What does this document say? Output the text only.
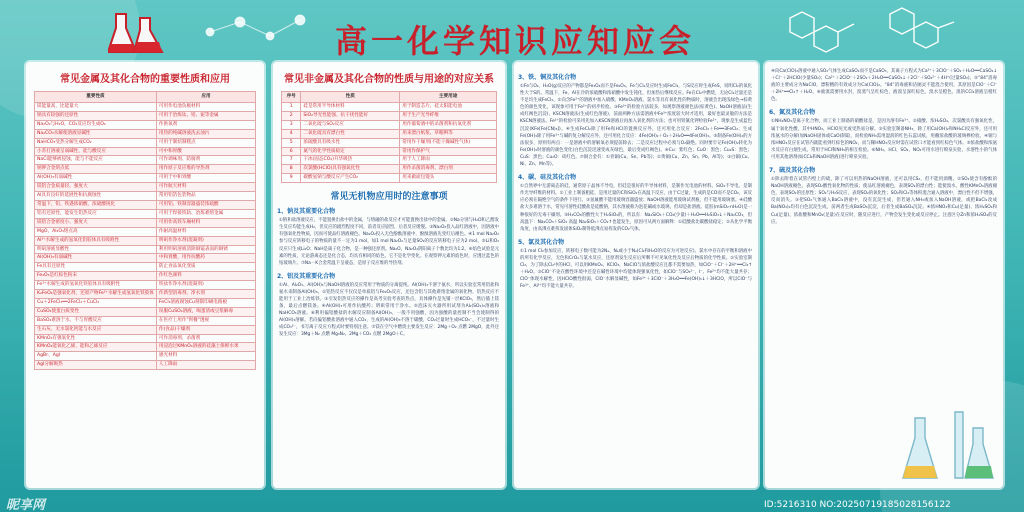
高一化学知识应知应会
常见金属及其化合物的重要性质和应用
重要性质	应用
镁能量高，比能量大	可用作电池负极材料
钠具有较强的还原性	可用于冶炼钛、锆、铌等金属
Na₂O₂与H₂O、CO₂反应均生成O₂	作供氧剂
Na₂CO₃水解使溶液显碱性	用热的纯碱溶液洗去油污
NaHCO₃受热分解生成CO₂	可用于制焙制糕点
小苏打溶液呈弱碱性，能与酸反应	可中和胃酸
NaCl能够被侵蚀，能与不能反应	可作调味剂、防腐剂
钠钾合金熔点低	用作原子反应堆的导热剂
Al(OH)₃有弱碱性	可用于中和胃酸
镁铝合金质量轻、强度大	可作航天材料
Al具有良好的延展性和抗腐蚀性	常用铝箔包装物品
常温下，铝、铁遇浓硝酸、浓硫酸钝化	可用铝、铁制容器盛装浓硫酸
铝有还原性，能发生铝热反应	可用于焊接铁轨、冶炼难熔金属
镁铝合金密度小、强度大	可用作高铁车厢材料
MgO、Al₂O₃熔点高	作耐高温材料
Al³⁺水解生成的氢氧化铝胶体具有吸附性	明矾作净水剂(混凝剂)
明矾溶液显酸性	利用明矾溶液清除铜镜表面的铜锈
Al(OH)₃有弱碱性	中和胃酸，用作抗酸药
Fe具有还原性	防止食品氧化变质
Fe₂O₃是红棕色粉末	作红色颜料
Fe³⁺水解生成的氢氧化铁胶体具有吸附性	铁盐作净水剂(混凝剂)
K₂FeO₄是强氧化剂，还原产物Fe³⁺水解生成氢氧化铁胶体	作新型消毒剂、净水剂
Cu＋2FeCl₃══2FeCl₂＋CuCl₂	FeCl₃溶液腐蚀Cu刻制印刷电路板
CuSO₄使蛋白质变性	误服CuSO₄溶液，喝蛋清或豆浆解毒
BaSO₄难溶于水，不与胃酸反应	在医疗上用作"钡餐"透视
生石灰、无水氯化钙能与水反应	作(食品)干燥剂
KMnO₄有强氧化性	可作消毒剂、杀菌剂
KMnO₄能氧化乙烯，能和乙烯反应	用浸泡过KMnO₄溶液的硅藻土保鲜水果
AgBr、AgI	感光材料
AgI分解吸热	人工降雨
常见非金属及其化合物的性质与用途的对应关系
序号	性质	主要用途
1	硅是常用半导体材料	用于制造芯片、硅太阳能电池
2	SiO₂导光性能强、抗干扰性能好	用于生产光导纤维
3	二氧化硫与SO₂反应	用作葡萄酒中的杀菌剂和抗氧化剂
4	二氧化硫具有漂白性	用来漂白纸浆、草帽辫等
5	浓硫酸具有吸水性	常用作干燥剂(不能干燥碱性气体)
6	氮气的化学性质稳定	常用作保护气
7	干冰(固态CO₂)升华吸热	用于人工降雨
8	次氯酸(HClO)具有强氧化性	用作杀菌消毒剂、漂白剂
9	碳酸氢钠与酸反应产生CO₂	用来做面包馒头
常见无机物应用时的注意事项
1、钠及其重要化合物
①钠和盐溶液反应，不能置换出盐中的金属，与熔融的盐反应才可能置换出盐中的金属。②Na分别与H₂O和乙醇发生反应均能生成H₂，但反应的剧烈程度不同，前者反应剧烈，后者反应缓慢。③Na₂O₂投入品红溶液中，因溶液中有强氧化性物质，因而可使品红溶液褪色。Na₂O₂投入无色酚酞溶液中，酚酞溶液先变红后褪色。④1 mol Na₂O₂参与反应转移电子的物质的量不一定为1 mol，如1 mol Na₂O₂与足量SO₂的反应转移电子应为2 mol。⑤Li和O₂反应只生成Li₂O；NaH是离子化合物，是一种强还原剂。Na₂O、Na₂O₂阴阳离子个数比均为1∶2。⑥焰色试验是元素的性质，无论游离态还是化合态，均具有相同的焰色，它不是化学变化。在观察钾元素的焰色时，应透过蓝色的钴玻璃片。⑦Na－K合金常温下呈液态，是原子反应堆的导热剂。
2、铝及其重要化合物
①Al、Al₂O₃、Al(OH)₃与NaOH溶液的反应常用于物质的分离提纯。Al(OH)₃不溶于氨水，所以实验室常用铝盐和氨水来制备Al(OH)₃。②铝热反应不仅仅是单质铝与Fe₂O₃反应，还包含铝与其他难熔金属的氧化物，铝热反应不能用于工业上冶炼铁。③引发铝热反应的操作是高考实验考查的热点，具体操作是先铺一层KClO₃，然后插上镁条，最后点燃镁条。④Al(OH)₃可用作抗酸药；明矾常用于净水。⑤泡沫灭火器所用试剂为Al₂(SO₄)₃溶液和NaHCO₃溶液。⑥利用偏铝酸盐的水解反应制备Al(OH)₃，一般不用强酸，因为强酸的量控制不当会使制得的Al(OH)₃溶解。若向偏铝酸盐溶液中通入CO₂，生成的Al(OH)₃不溶于碳酸，CO₂过量时生成HCO₃⁻，不过量时生成CO₃²⁻，书写离子反应方程式时要特别注意。⑦镁在空气中燃烧主要发生反应：2Mg＋O₂ 点燃 2MgO，此外还发生反应：3Mg＋N₂ 点燃 Mg₃N₂、2Mg＋CO₂ 点燃 2MgO＋C。
3、铁、铜及其化合物
①Fe与O₂、H₂O(g)反应的产物都是Fe₃O₄而不是Fe₂O₃。Fe与Cl₂反应时生成FeCl₃，与S反应时生成FeS，说明Cl₂的氧化性大于S的。常温下，Fe、Al在冷的浓硫酸和浓硝酸中发生钝化，但加热后继续反应。Fe在Cl₂中燃烧，无论Cl₂过量还是不足均生成FeCl₃。②向含Fe²⁺的溶液中加入硝酸、KMnO₄溶液、氯水等具有氧化性的物质时，溶液会出现浅绿色→棕黄色的颜色变化，该现象可用于Fe²⁺的初步检验。③Fe³⁺的检验方法较多，如观察溶液颜色法(棕黄色)、NaOH溶液法(生成红褐色沉淀)、KSCN溶液法(生成红色溶液)，前面两种方法需溶液中Fe³⁺浓度较大时才适用，最好也最灵敏的方法是KSCN溶液法。Fe²⁺的检验可采用先加入KSCN溶液后再加入氧化剂的方法；也可用铁氰化钾检验Fe²⁺，现象是生成蓝色沉淀(KFe[Fe(CN)₆])。④生成FeCl₂除了用Fe和HCl的置换反应外，还可用化合反应：2FeCl₃＋Fe══3FeCl₂；生成Fe(OH)₃除了用Fe³⁺与碱的复分解反应外，还可用化合反应：4Fe(OH)₂＋O₂＋2H₂O══4Fe(OH)₃。⑤制备Fe(OH)₂的方法很多，原则有两点：一是溶液中的溶解氧必须提前除去；二是反应过程中必须与O₂隔绝。同时要牢记Fe(OH)₂转化为Fe(OH)₃时溶液的颜色变化(白色沉淀迅速变成灰绿色，最后变成红褐色)。⑥Cu：紫红色；CuO：黑色；Cu₂S：黑色；CuS：黑色；Cu₂O：砖红色。⑦铜合金有：①青铜(Cu、Sn、Pb等)；②黄铜(Cu、Zn、Sn、Pb、Al等)；③白铜(Cu、Ni、Zn、Mn等)。
4、碳、硅及其化合物
①自然界中无游离态的硅，通常原子晶体不导电，但硅是很好的半导体材料，是制作光电池的材料。SiO₂不导电，是制作光导纤维的材料。②工业上制备粗硅，是用过量的C和SiO₂在高温下反应，由于C过量，生成的是CO而不是CO₂，该反应必须在隔绝空气的条件下进行。③氢氟酸不能用玻璃容器盛放；NaOH溶液能用玻璃试剂瓶，但不能用玻璃塞。④硅酸盐大多难溶于水，常见可溶性硅酸盐是硅酸钠，其水溶液称为泡花碱或水玻璃，但却是盐溶液。硅胶(mSiO₂·nH₂O)是一种很好的无毒干燥剂。⑤H₂CO₃的酸性大于H₂SiO₃的，所以有：Na₂SiO₃＋CO₂(少量)＋H₂O══H₂SiO₃↓＋Na₂CO₃，但高温下：Na₂CO₃＋SiO₂ 高温 Na₂SiO₃＋CO₂↑也能发生，原因可从两方面解释：①硅酸盐比碳酸盐稳定；②从化学平衡角度，由高沸点难挥发固体SiO₂制得低沸点易挥发的CO₂气体。
5、氯及其化合物
①1 mol Cl₂参加反应，转移电子数可能为2Nₐ、Nₐ或小于Nₐ(Cl₂和H₂O的反应为可逆反应)。氯水中存在的平衡和溶液中的所有化学反应，无色和CrO₂与氯水反应，还原剂发生反应后所剩不可见氧化性及反应后物质的化学性质。②实验室制Cl₂，为了除去Cl₂中的HCl，可以用KMnO₄、KClO₃、NaClO与浓盐酸反应且都不需要加热，如ClO⁻＋Cl⁻＋2H⁺══Cl₂↑＋H₂O。③ClO⁻不论在酸性环境中还是在碱性环境中均能体现强氧化性，如ClO⁻与SO₃²⁻、I⁻、Fe²⁺均不能大量共存；ClO⁻体现水解性，因HClO酸性很弱，ClO⁻水解显碱性，如Fe³⁺＋3ClO⁻＋3H₂O══Fe(OH)₃↓＋3HClO，所以ClO⁻与Fe³⁺、Al³⁺均不能大量共存。
④向Ca(ClO)₂溶液中通入SO₂气体生成CaSO₄而不是CaSO₃，其离子方程式为Ca²⁺＋3ClO⁻＋SO₂＋H₂O══CaSO₄↓＋Cl⁻＋2HClO(少量SO₂)；Ca²⁺＋2ClO⁻＋2SO₂＋2H₂O══CaSO₄↓＋2Cl⁻＋SO₄²⁻＋4H⁺(过量SO₂)。⑤“84”消毒液的主要成分为NaClO，漂粉精的有效成分为Ca(ClO)₂。“84”消毒液和洁厕灵不能混合使用，其原因是ClO⁻＋Cl⁻＋2H⁺══Cl₂↑＋H₂O。⑥液溴需要用水封，溴蒸气呈红棕色，液溴呈深红棕色，溴水呈橙色，溴的CCl₄溶液呈橙红色。
6、氮及其化合物
①NH₄NO₃是离子化合物，而工业上制备的硝酸盐是，是因为溶有Fe³⁺。②硝酸、浓H₂SO₄、次氯酸具有强氧化性，属于氧化性酸，其中HNO₃、HClO见光或受热易分解。③实验室制备NH₃，除了用Ca(OH)₂和NH₄Cl反应外，还可用浓氨水的分解(加NaOH固体或CaO)制取，而检验NH₃需用湿润的红色石蕊试纸，用蘸浓盐酸的玻璃棒检验。④铜与浓HNO₃反应在试管内就能看到红棕色的NO₂，而与稀HNO₃反应时需在试管口才能看到红棕色气体。⑤浓盐酸和浓氨水反应有白烟生成，常用于HCl和NH₃的相互检验。⑥NH₃、HCl、SO₂、NO₂可用水进行喷泉实验，水溶性小的气体可用其他溶剂(如CCl₄和NaOH溶液)进行喷泉实验。
7、硫及其化合物
①除去附着在试管内壁上的硫，除了可以用热的NaOH溶液，还可以用CS₂，但不能用酒精。②SO₂使含有酚酞的NaOH溶液褪色，表现SO₂酸性氧化物的性质；使品红溶液褪色，表现SO₂的漂白性；能使溴水、酸性KMnO₄溶液褪色，表现SO₂的还原性；SO₂与H₂S反应，表现SO₂的氧化性；SO₂和Cl₂等体积混合通入溶液中，漂白性不但不增强，反而消失。③把SO₂气体通入BaCl₂溶液中，没有沉淀生成，但若通入NH₃或加入NaOH溶液，或把BaCl₂改成Ba(NO₃)₂均有白色沉淀生成，前两者生成BaSO₃沉淀，后者生成BaSO₄沉淀。④浓HNO₃和Cu(足量)、浓H₂SO₄和Cu(足量)、浓盐酸和MnO₂(足量)在反应时，随反应进行，产物会发生变化或反应停止。注意区分Zn和浓H₂SO₄的反应。
昵享网	ID:5216310 NO:20250719185028156122
